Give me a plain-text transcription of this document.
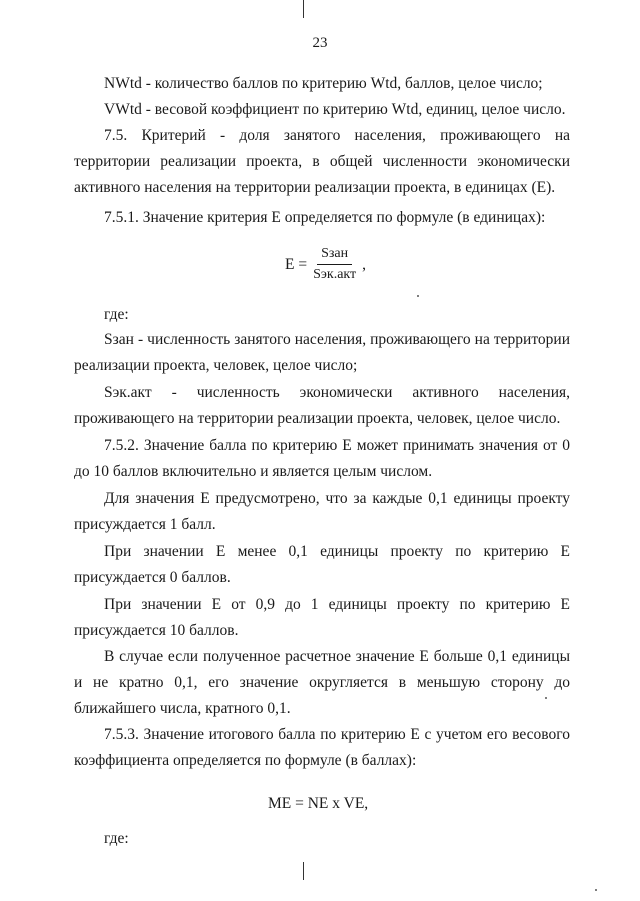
23

NWtd - количество баллов по критерию Wtd, баллов, целое число;

VWtd - весовой коэффициент по критерию Wtd, единиц, целое число.

7.5. Критерий - доля занятого населения, проживающего на территории реализации проекта, в общей численности экономически активного населения на территории реализации проекта, в единицах (E).

7.5.1. Значение критерия E определяется по формуле (в единицах):

$E = \frac{\text{Sзан}}{\text{Sэк.акт}}$ ,

где:

Sзан - численность занятого населения, проживающего на территории реализации проекта, человек, целое число;

Sэк.акт - численность экономически активного населения, проживающего на территории реализации проекта, человек, целое число.

7.5.2. Значение балла по критерию E может принимать значения от 0 до 10 баллов включительно и является целым числом.

Для значения E предусмотрено, что за каждые 0,1 единицы проекту присуждается 1 балл.

При значении E менее 0,1 единицы проекту по критерию E присуждается 0 баллов.

При значении E от 0,9 до 1 единицы проекту по критерию E присуждается 10 баллов.

В случае если полученное расчетное значение E больше 0,1 единицы и не кратно 0,1, его значение округляется в меньшую сторону до ближайшего числа, кратного 0,1.

7.5.3. Значение итогового балла по критерию E с учетом его весового коэффициента определяется по формуле (в баллах):

ME = NE x VE,

где:
